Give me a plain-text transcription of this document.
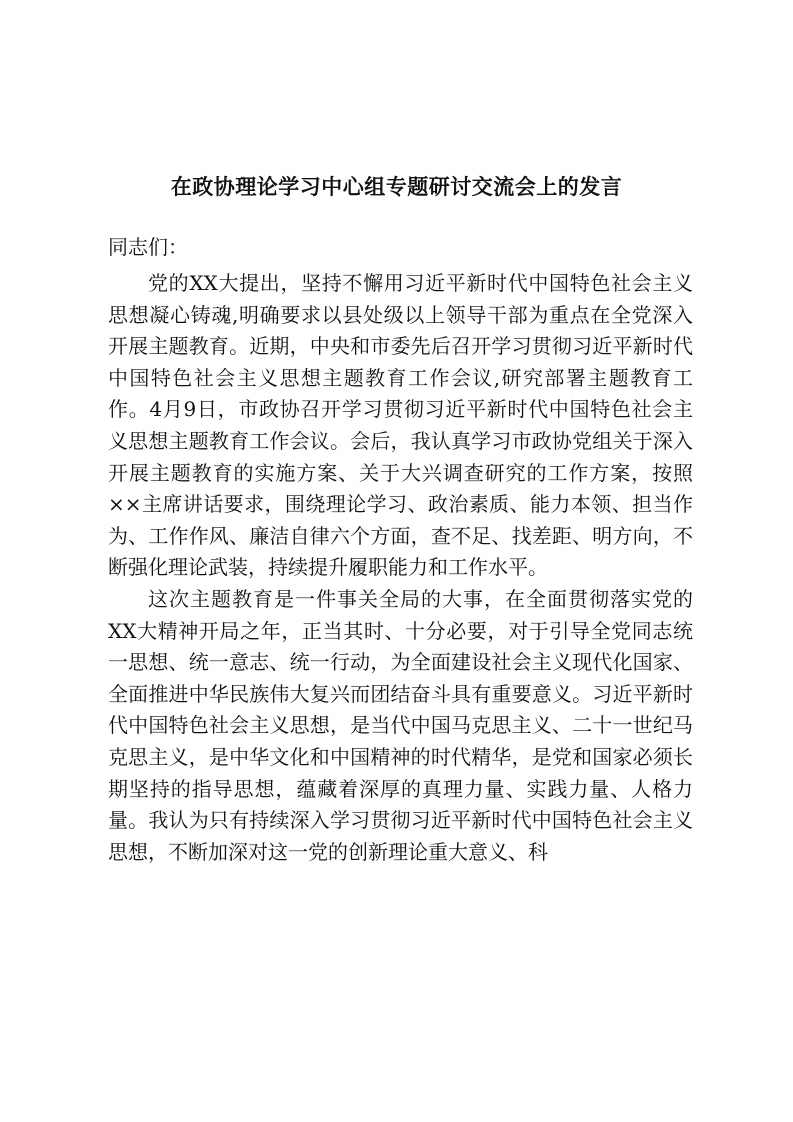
在政协理论学习中心组专题研讨交流会上的发言
同志们：

党的XX大提出，坚持不懈用习近平新时代中国特色社会主义思想凝心铸魂,明确要求以县处级以上领导干部为重点在全党深入开展主题教育。近期，中央和市委先后召开学习贯彻习近平新时代中国特色社会主义思想主题教育工作会议,研究部署主题教育工作。4月9日，市政协召开学习贯彻习近平新时代中国特色社会主义思想主题教育工作会议。会后，我认真学习市政协党组关于深入开展主题教育的实施方案、关于大兴调查研究的工作方案，按照××主席讲话要求，围绕理论学习、政治素质、能力本领、担当作为、工作作风、廉洁自律六个方面，查不足、找差距、明方向，不断强化理论武装，持续提升履职能力和工作水平。

这次主题教育是一件事关全局的大事，在全面贯彻落实党的XX大精神开局之年，正当其时、十分必要，对于引导全党同志统一思想、统一意志、统一行动，为全面建设社会主义现代化国家、全面推进中华民族伟大复兴而团结奋斗具有重要意义。习近平新时代中国特色社会主义思想，是当代中国马克思主义、二十一世纪马克思主义，是中华文化和中国精神的时代精华，是党和国家必须长期坚持的指导思想，蕴藏着深厚的真理力量、实践力量、人格力量。我认为只有持续深入学习贯彻习近平新时代中国特色社会主义思想，不断加深对这一党的创新理论重大意义、科
